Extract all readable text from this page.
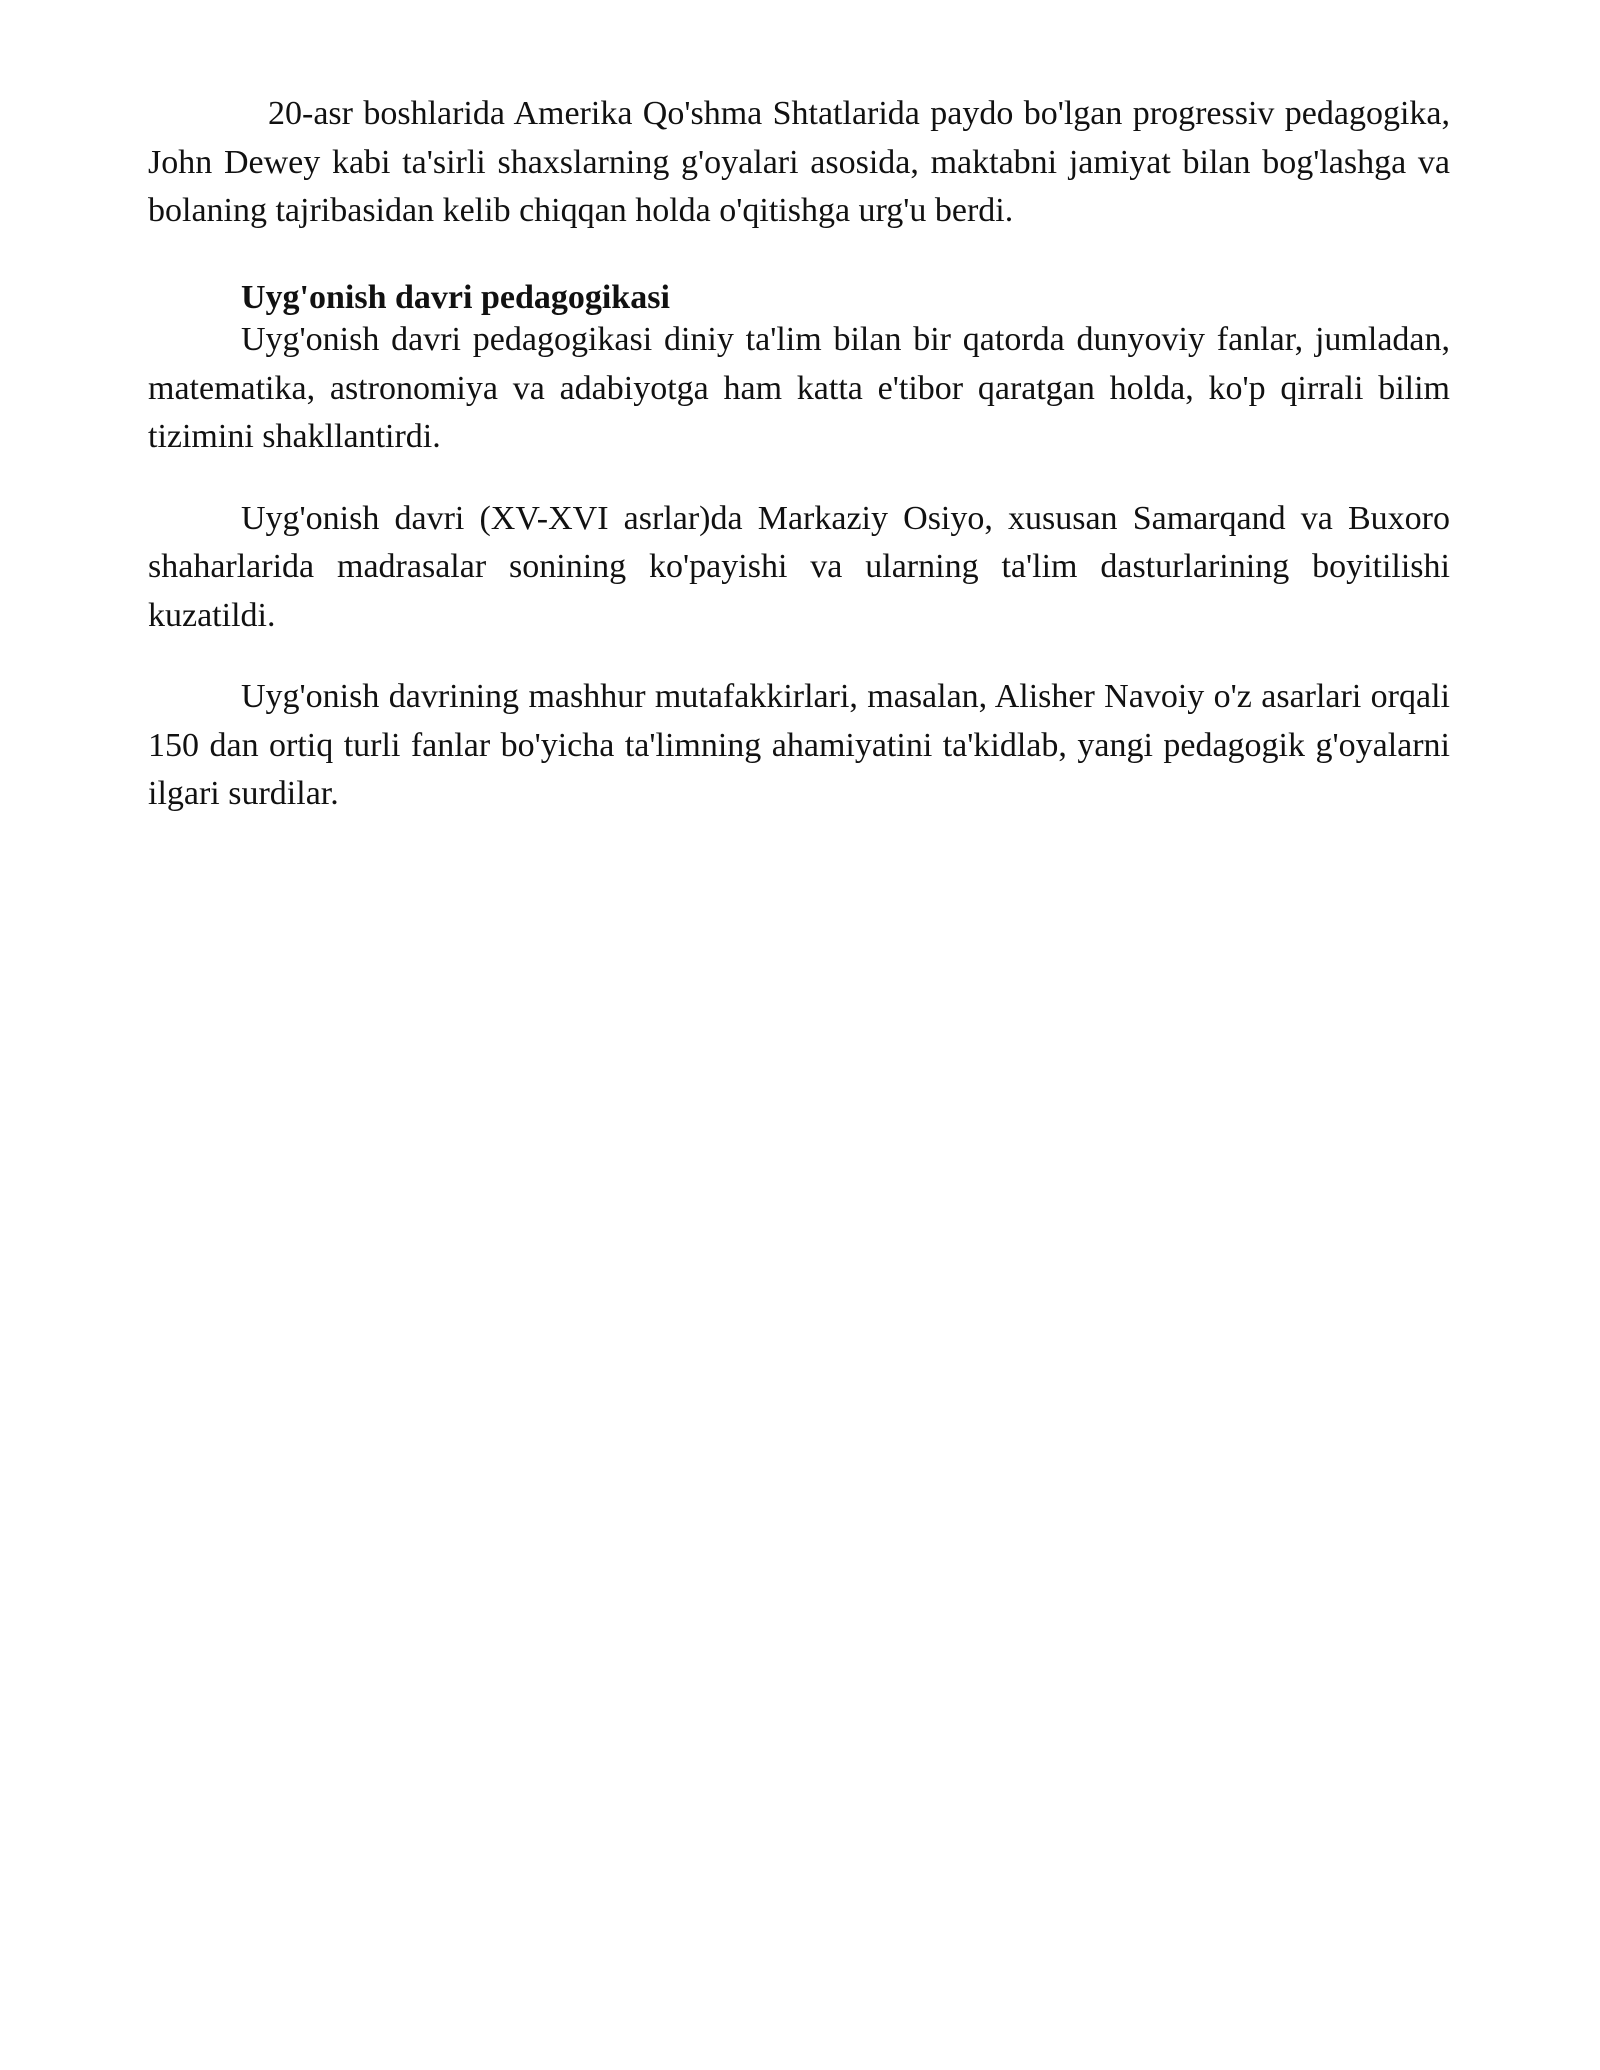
20-asr boshlarida Amerika Qo'shma Shtatlarida paydo bo'lgan progressiv pedagogika, John Dewey kabi ta'sirli shaxslarning g'oyalari asosida, maktabni jamiyat bilan bog'lashga va bolaning tajribasidan kelib chiqqan holda o'qitishga urg'u berdi.

Uyg'onish davri pedagogikasi

Uyg'onish davri pedagogikasi diniy ta'lim bilan bir qatorda dunyoviy fanlar, jumladan, matematika, astronomiya va adabiyotga ham katta e'tibor qaratgan holda, ko'p qirrali bilim tizimini shakllantirdi.

Uyg'onish davri (XV-XVI asrlar)da Markaziy Osiyo, xususan Samarqand va Buxoro shaharlarida madrasalar sonining ko'payishi va ularning ta'lim dasturlarining boyitilishi kuzatildi.

Uyg'onish davrining mashhur mutafakkirlari, masalan, Alisher Navoiy o'z asarlari orqali 150 dan ortiq turli fanlar bo'yicha ta'limning ahamiyatini ta'kidlab, yangi pedagogik g'oyalarni ilgari surdilar.
